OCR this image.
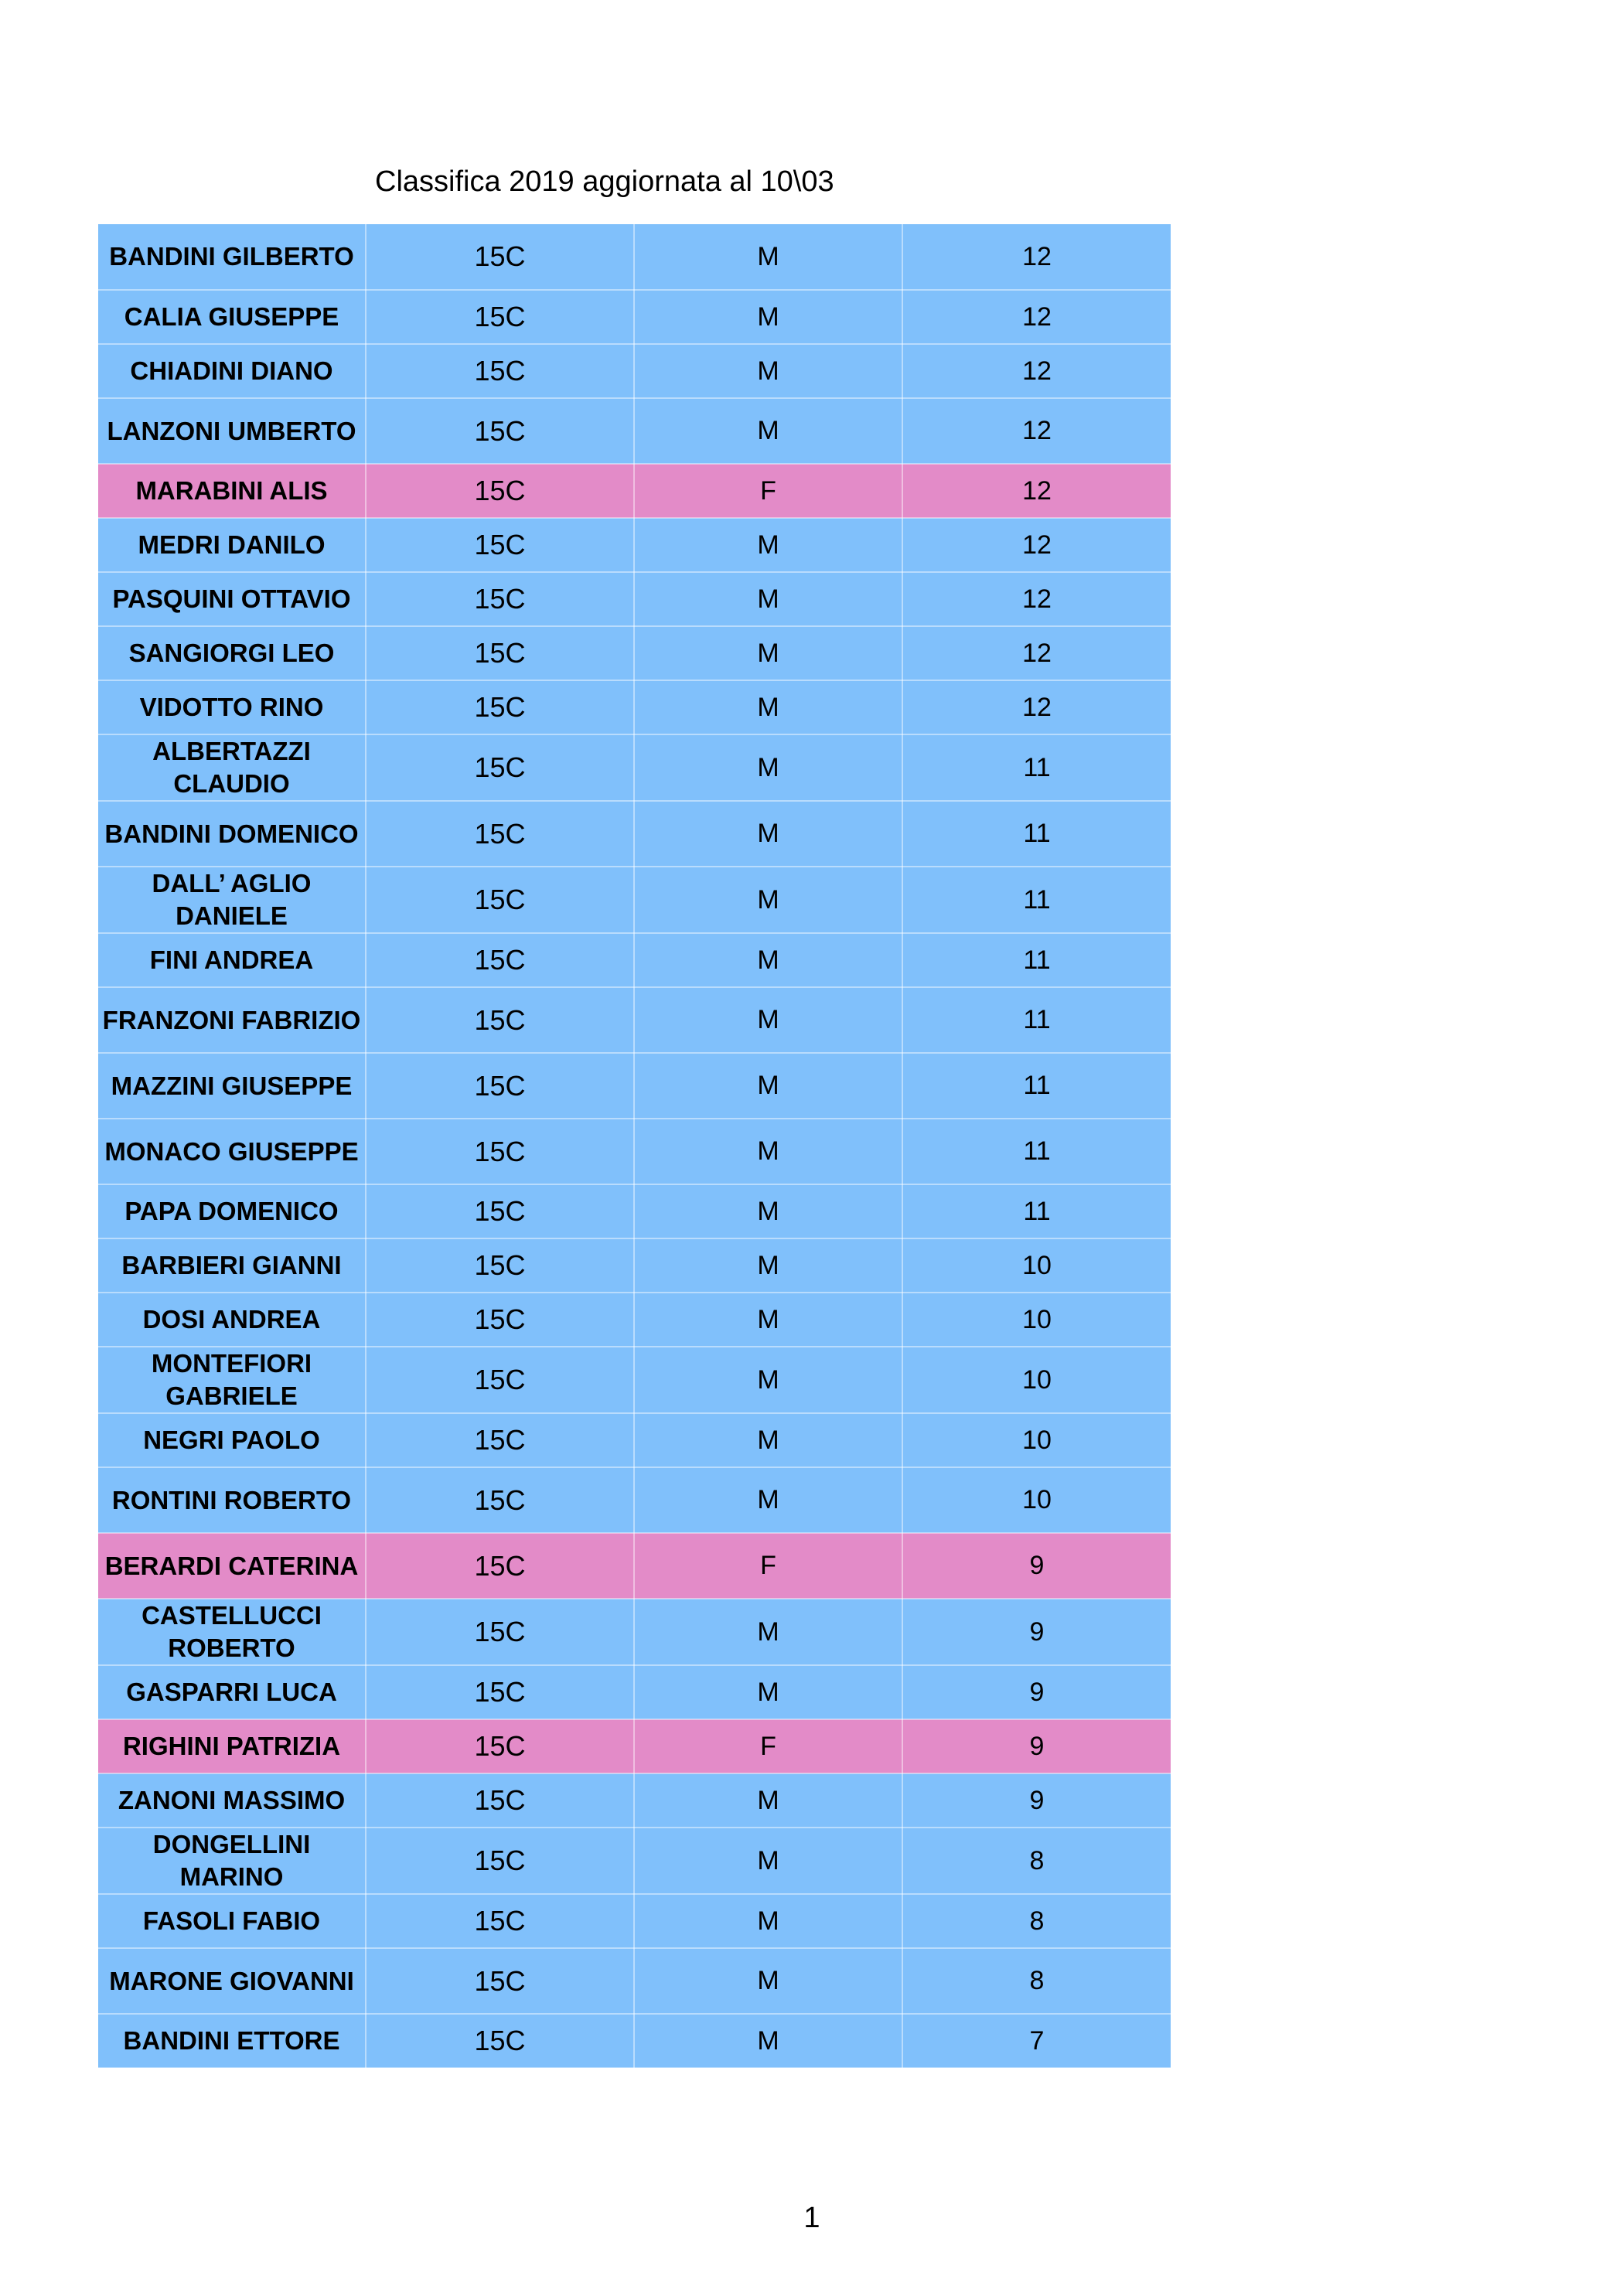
Classifica 2019 aggiornata al 10\03
BANDINI GILBERTO	15C	M	12
CALIA GIUSEPPE	15C	M	12
CHIADINI DIANO	15C	M	12
LANZONI UMBERTO	15C	M	12
MARABINI ALIS	15C	F	12
MEDRI DANILO	15C	M	12
PASQUINI OTTAVIO	15C	M	12
SANGIORGI LEO	15C	M	12
VIDOTTO RINO	15C	M	12
ALBERTAZZI CLAUDIO	15C	M	11
BANDINI DOMENICO	15C	M	11
DALL’ AGLIO DANIELE	15C	M	11
FINI ANDREA	15C	M	11
FRANZONI FABRIZIO	15C	M	11
MAZZINI GIUSEPPE	15C	M	11
MONACO GIUSEPPE	15C	M	11
PAPA DOMENICO	15C	M	11
BARBIERI GIANNI	15C	M	10
DOSI ANDREA	15C	M	10
MONTEFIORI GABRIELE	15C	M	10
NEGRI PAOLO	15C	M	10
RONTINI ROBERTO	15C	M	10
BERARDI CATERINA	15C	F	9
CASTELLUCCI ROBERTO	15C	M	9
GASPARRI LUCA	15C	M	9
RIGHINI PATRIZIA	15C	F	9
ZANONI MASSIMO	15C	M	9
DONGELLINI MARINO	15C	M	8
FASOLI FABIO	15C	M	8
MARONE GIOVANNI	15C	M	8
BANDINI ETTORE	15C	M	7
1
